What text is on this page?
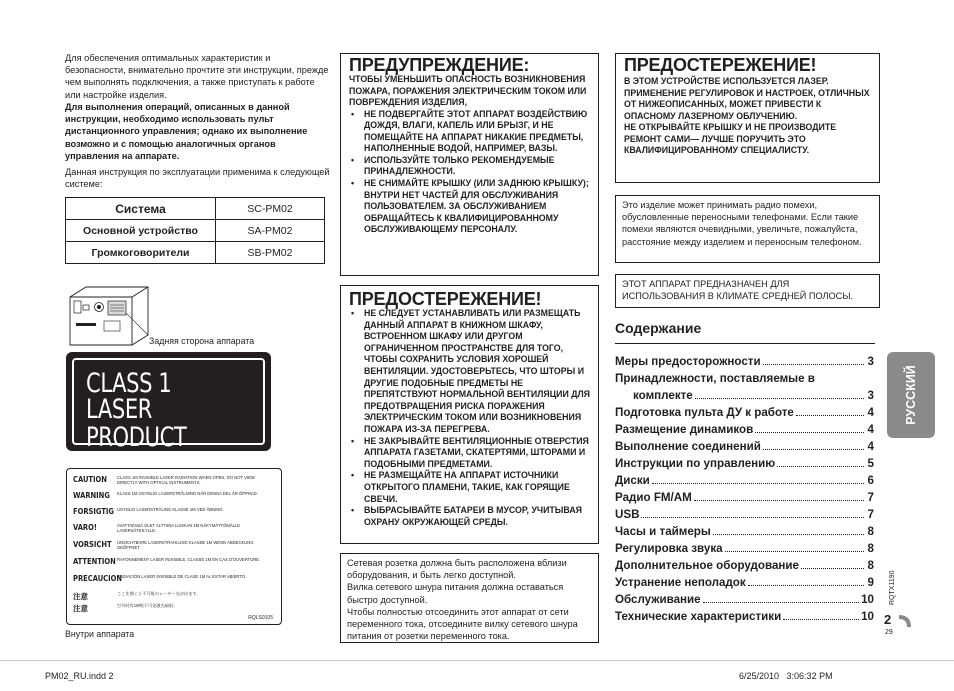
Для обеспечения оптимальных характеристик и безопасности, внимательно прочтите эти инструкции, прежде чем выполнять подключения, а также приступать к работе или настройке изделия.
Для выполнения операций, описанных в данной инструкции, необходимо использовать пульт дистанционного управления; однако их выполнение возможно и с помощью аналогичных органов управления на аппарате.
Данная инструкция по эксплуатации применима к следующей системе:
Система	SC-PM02
Основной устройство	SA-PM02
Громкоговорители	SB-PM02
Задняя сторона аппарата
CLASS 1
LASER PRODUCT
CAUTION	CLASS 1M INVISIBLE LASER RADIATION WHEN OPEN, DO NOT VIEW DIRECTLY WITH OPTICAL INSTRUMENTS.
WARNING	KLASS 1M OSYNLIG LASERSTRÅLNING NÄR DENNA DEL ÄR ÖPPNAD.
FORSIGTIG USYNLIG LASERSTRÅLING KLASSE 1M VED ÅBNING.
VARO!	AVATTAESSA OLET ALTTIINA LUOKAN 1M NÄKYMÄTTÖMÄLLE LASERSÄTEILYLLE.
VORSICHT	UNSICHTBARE LASERSTRAHLUNG KLASSE 1M WENN ABDECKUNG GEÖFFNET.
ATTENTION RAYONNEMENT LASER INVISIBLE, CLASSE 1M EN CAS D'OUVERTURE.
PRECAUCION
RADIACIÓN LASER INVISIBLE DE CLASE 1M AL ESTAR ABIERTO.
注意	ここを開くと不可視のレーザー光が出ます。
注意	打开时有1M级不可见激光辐射。
RQLS0105
Внутри аппарата
ПРЕДУПРЕЖДЕНИЕ:
ЧТОБЫ УМЕНЬШИТЬ ОПАСНОСТЬ ВОЗНИКНОВЕНИЯ ПОЖАРА, ПОРАЖЕНИЯ ЭЛЕКТРИЧЕСКИМ ТОКОМ ИЛИ ПОВРЕЖДЕНИЯ ИЗДЕЛИЯ,
• НЕ ПОДВЕРГАЙТЕ ЭТОТ АППАРАТ ВОЗДЕЙСТВИЮ ДОЖДЯ, ВЛАГИ, КАПЕЛЬ ИЛИ БРЫЗГ, И НЕ ПОМЕЩАЙТЕ НА АППАРАТ НИКАКИЕ ПРЕДМЕТЫ, НАПОЛНЕННЫЕ ВОДОЙ, НАПРИМЕР, ВАЗЫ.
• ИСПОЛЬЗУЙТЕ ТОЛЬКО РЕКОМЕНДУЕМЫЕ ПРИНАДЛЕЖНОСТИ.
• НЕ СНИМАЙТЕ КРЫШКУ (ИЛИ ЗАДНЮЮ КРЫШКУ); ВНУТРИ НЕТ ЧАСТЕЙ ДЛЯ ОБСЛУЖИВАНИЯ ПОЛЬЗОВАТЕЛЕМ. ЗА ОБСЛУЖИВАНИЕМ ОБРАЩАЙТЕСЬ К КВАЛИФИЦИРОВАННОМУ ОБСЛУЖИВАЮЩЕМУ ПЕРСОНАЛУ.
ПРЕДОСТЕРЕЖЕНИЕ!
• НЕ СЛЕДУЕТ УСТАНАВЛИВАТЬ ИЛИ РАЗМЕЩАТЬ ДАННЫЙ АППАРАТ В КНИЖНОМ ШКАФУ, ВСТРОЕННОМ ШКАФУ ИЛИ ДРУГОМ ОГРАНИЧЕННОМ ПРОСТРАНСТВЕ ДЛЯ ТОГО, ЧТОБЫ СОХРАНИТЬ УСЛОВИЯ ХОРОШЕЙ ВЕНТИЛЯЦИИ. УДОСТОВЕРЬТЕСЬ, ЧТО ШТОРЫ И ДРУГИЕ ПОДОБНЫЕ ПРЕДМЕТЫ НЕ ПРЕПЯТСТВУЮТ НОРМАЛЬНОЙ ВЕНТИЛЯЦИИ ДЛЯ ПРЕДОТВРАЩЕНИЯ РИСКА ПОРАЖЕНИЯ ЭЛЕКТРИЧЕСКИМ ТОКОМ ИЛИ ВОЗНИКНОВЕНИЯ ПОЖАРА ИЗ-ЗА ПЕРЕГРЕВА.
• НЕ ЗАКРЫВАЙТЕ ВЕНТИЛЯЦИОННЫЕ ОТВЕРСТИЯ АППАРАТА ГАЗЕТАМИ, СКАТЕРТЯМИ, ШТОРАМИ И ПОДОБНЫМИ ПРЕДМЕТАМИ.
• НЕ РАЗМЕЩАЙТЕ НА АППАРАТ ИСТОЧНИКИ ОТКРЫТОГО ПЛАМЕНИ, ТАКИЕ, КАК ГОРЯЩИЕ СВЕЧИ.
• ВЫБРАСЫВАЙТЕ БАТАРЕИ В МУСОР, УЧИТЫВАЯ ОХРАНУ ОКРУЖАЮЩЕЙ СРЕДЫ.
Сетевая розетка должна быть расположена вблизи оборудования, и быть легко доступной.
Вилка сетевого шнура питания должна оставаться быстро доступной.
Чтобы полностью отсоединить этот аппарат от сети переменного тока, отсоедините вилку сетевого шнура питания от розетки переменного тока.
ПРЕДОСТЕРЕЖЕНИЕ!
В ЭТОМ УСТРОЙСТВЕ ИСПОЛЬЗУЕТСЯ ЛАЗЕР. ПРИМЕНЕНИЕ РЕГУЛИРОВОК И НАСТРОЕК, ОТЛИЧНЫХ ОТ НИЖЕОПИСАННЫХ, МОЖЕТ ПРИВЕСТИ К ОПАСНОМУ ЛАЗЕРНОМУ ОБЛУЧЕНИЮ.
НЕ ОТКРЫВАЙТЕ КРЫШКУ И НЕ ПРОИЗВОДИТЕ РЕМОНТ САМИ— ЛУЧШЕ ПОРУЧИТЬ ЭТО КВАЛИФИЦИРОВАННОМУ СПЕЦИАЛИСТУ.
Это изделие может принимать радио помехи, обусловленные переносными телефонами. Если такие помехи являются очевидными, увеличьте, пожалуйста, расстояние между изделием и переносным телефоном.
ЭТОТ АППАРАТ ПРЕДНАЗНАЧЕН ДЛЯ ИСПОЛЬЗОВАНИЯ В КЛИМАТЕ СРЕДНЕЙ ПОЛОСЫ.
Содержание
Меры предосторожности	3
Принадлежности, поставляемые в
комплекте	3
Подготовка пульта ДУ к работе	4
Размещение динамиков	4
Выполнение соединений	4
Инструкции по управлению	5
Диски	6
Радио FM/AM	7
USB	7
Часы и таймеры	8
Регулировка звука	8
Дополнительное оборудование	8
Устранение неполадок	9
Обслуживание	10
Технические характеристики	10
РУССКИЙ
RQTX1190
2
29
PM02_RU.indd 2	6/25/2010   3:06:32 PM
